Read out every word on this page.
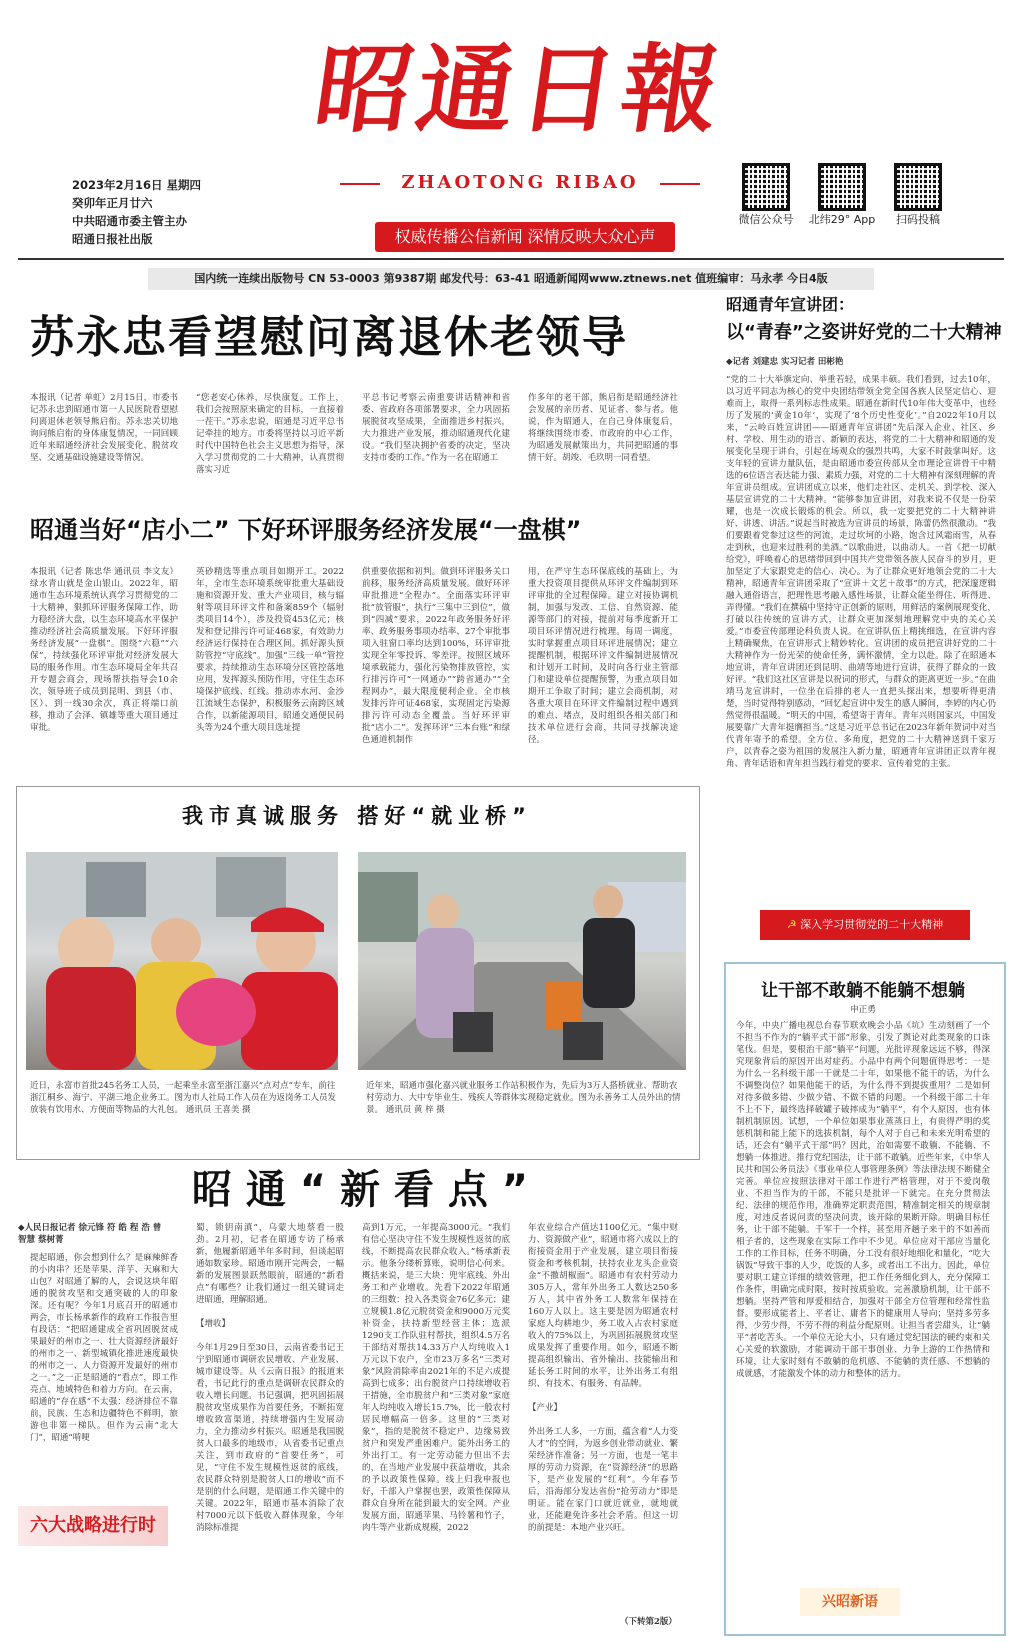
昭通日報
ZHAOTONG RIBAO
权威传播公信新闻 深情反映大众心声
2023年2月16日 星期四
癸卯年正月廿六
中共昭通市委主管主办
昭通日报社出版
微信公众号	北纬29° App	扫码投稿
国内统一连续出版物号 CN 53-0003 第9387期 邮发代号：63-41 昭通新闻网www.ztnews.net 值班编审：马永孝 今日4版
苏永忠看望慰问离退休老领导
本报讯（记者 单虹）2月15日，市委书记苏永忠到昭通市第一人民医院看望慰问离退休老领导熊启衔。苏永忠关切地询问熊启衔的身体康复情况，一同回顾近年来昭通经济社会发展变化、脱贫攻坚、交通基础设施建设等情况。
“您老安心休养，尽快康复。工作上，我们会按照原来确定的目标，一直接着一茬干。”苏永忠说，昭通是习近平总书记牵挂的地方。市委将坚持以习近平新时代中国特色社会主义思想为指导，深入学习贯彻党的二十大精神，认真贯彻落实习近
平总书记考察云南重要讲话精神和省委、省政府各项部署要求，全力巩固拓展脱贫攻坚成果，全面推进乡村振兴，大力推进产业发展，推动昭通现代化建设。“我们坚决拥护省委的决定，坚决支持市委的工作。”作为一名在昭通工
作多年的老干部，熊启衔是昭通经济社会发展的亲历者、见证者、参与者。他说，作为昭通人，在自己身体康复后，将继续围绕市委、市政府的中心工作，为昭通发展献策出力，共同把昭通的事情干好。胡竣、毛玖明一同看望。
昭通当好“店小二” 下好环评服务经济发展“一盘棋”
本报讯（记者 陈忠华 通讯员 李文友）绿水青山就是金山银山。2022年，昭通市生态环境系统认真学习贯彻党的二十大精神，狠抓环评服务保障工作，助力稳经济大盘，以生态环境高水平保护推动经济社会高质量发展。下好环评服务经济发展“一盘棋”。围绕“六稳”“六保”，持续强化环评审批对经济发展大局的服务作用。市生态环境局全年共召开专题会商会，现场帮扶指导会10余次，领导班子成员到昆明、到县（市、区）、到一线30余次，真正将端口前移，推动了会泽、镇雄等重大项目通过审批。
英砂精选等重点项目如期开工。2022年，全市生态环境系统审批重大基础设施和资源开发、重大产业项目，核与辐射等项目环评文件和备案859个（辐射类项目14个），涉及投资453亿元；核发和登记排污许可证468家，有效助力经济运行保持在合理区间。抓好源头预防管控“守底线”。加强“三线一单”管控要求，持续推动生态环境分区管控落地应用，发挥源头预防作用，守住生态环境保护底线、红线。推动赤水河、金沙江流域生态保护，积极服务云南跨区域合作，以新能源项目，昭通交通便民码头等为24个重大项目选址提
供重要依据和初判。做到环评服务关口前移，服务经济高质量发展。做好环评审批推进“全程办”。全面落实环评审批“放管服”，执行“三集中三到位”，做到“四减”要求，2022年政务服务好评率、政务服务事项办结率、27个审批事项入驻窗口率均达到100%，环评审批实现全年零投诉、零差评。按照区域环境承载能力，强化污染物排放管控，实行排污许可“一网通办”“跨省通办”“全程网办”，最大限度便利企业。全市核发排污许可证468家，实现固定污染源排污许可动态全覆盖。当好环评审批“店小二”。发挥环评“三本台账”和绿色通道机制作
用，在严守生态环保底线的基础上，为重大投资项目提供从环评文件编制到环评审批的全过程保障。建立对接协调机制，加强与发改、工信、自然资源、能源等部门的对接，提前对每季度新开工项目环评情况进行梳理。每周一调度，实时掌握重点项目环评进展情况；建立提醒机制，根据环评文件编制进展情况和计划开工时间，及时向各行业主管部门和建设单位提醒预警，为重点项目如期开工争取了时间；建立会商机制，对各重大项目在环评文件编制过程中遇到的难点、堵点，及时组织各相关部门和技术单位进行会商，共同寻找解决途径。
我市真诚服务 搭好“就业桥”
近日，永富市首批245名务工人员，一起乘坐永富至浙江嘉兴“点对点”专车，前往浙江桐乡、海宁、平湖三地企业务工。图为市人社局工作人员在为返岗务工人员发放装有饮用水、方便面等物品的大礼包。 通讯员 王喜美 摄
近年来，昭通市强化嘉兴就业服务工作站积极作为，先后为3万人搭桥就业、帮助农村劳动力、大中专毕业生、残疾人等群体实现稳定就业。图为永善务工人员外出的情景。 通讯员 黄 梓 摄
昭 通 “ 新 看 点 ”
◆人民日报记者 徐元锋 符 皓 程 浩 曾智慧 蔡树菁
提起昭通，你会想到什么？是麻辣鲜香的小肉串？还是苹果、洋芋、天麻和大山包？对昭通了解的人，会说这块年昭通的脱贫攻坚和交通突破的人的印象深。还有呢？今年1月底召开的昭通市两会，市长杨承新作的政府工作报告里有段话：“把昭通建成全省巩固脱贫成果最好的州市之一、壮大资源经济最好的州市之一、新型城镇化推进速度最快的州市之一、人力资源开发最好的州市之一。”之一正是昭通的“看点”，即工作亮点、地域特色和着力方向。在云南，昭通的“存在感”不太强：经济排位不靠前，民族、生态和边疆特色不鲜明，旅游也非第一梯队。但作为云南“北大门”，昭通“啃哽
蜀，锁钥南滇”，乌蒙大地蔡看一股劲。2月初，记者在昭通专访了杨承新，他履新昭通半年多时间，但谈起昭通如数家珍。昭通市刚开完两会，一幅新的发展图景跃然眼前，昭通的“新看点”有哪些？让我们通过一组关键词走进昭通，理解昭通。

【增收】

今年1月29日至30日，云南省委书记王宁到昭通市调研农民增收、产业发展、城市建设等。从《云南日报》的报道来看，书记此行的重点是调研农民群众的收入增长问题。书记强调，把巩固拓展脱贫攻坚成果作为首要任务，不断拓宽增收致富渠道，持续增强内生发展动力，全力推动乡村振兴。昭通是我国脱贫人口最多的地级市，从省委书记重点关注，到市政府的“首要任务”，可见，“守住不发生规模性返贫的底线，农民群众特别是脱贫人口的增收”而不是别的什么问题，是昭通工作关键中的关键。2022年，昭通市基本消除了农村7000元以下低收入群体现象，今年消除标准提
高到1万元，一年提高3000元。“我们有信心坚决守住不发生规模性返贫的底线，不断提高农民群众收入。”杨承新表示。他条分缕析算账，说明信心何来。概括来说，是三大块：兜牢底线、外出务工和产业增收。先看下2022年昭通的三组数：投入各类资金76亿多元；建立规模1.8亿元脱贫资金和9000万元奖补资金，扶持新型经营主体；选派1290支工作队驻村帮扶，组织4.5万名干部结对帮扶14.33万户人均纯收入1万元以下农户，全市23万多名“三类对象”风险消除率由2021年的不足六成提高到七成多；出台脱贫户口持续增收若干措施，全市脱贫户和“三类对象”家庭年人均纯收入增长15.7%，比一般农村居民增幅高一倍多。这里的“三类对象”，指的是脱贫不稳定户、边缘易致贫户和突发严重困难户。能外出务工的外出打工。有一定劳动能力但出不去的，在当地产业发展中获益增收，其余的予以政策性保障。线上归我申报也好，千部入户掌握也罢，政策性保障从群众自身所在能到最大的安全网。产业发展方面，昭通苹果、马铃薯和竹子，肉牛等产业新成规模，2022
年农业综合产值达1100亿元。“集中财力、资源做产业”，昭通市将六成以上的衔接资金用于产业发展，建立项目衔接资金和考核机制，扶持农业龙头企业资金“不撒胡椒面”。昭通市有农村劳动力305万人，常年外出务工人数达250多万人，其中省外务工人数常年保持在160万人以上。这主要是因为昭通农村家庭人均耕地少，务工收入占农村家庭收入的75%以上，为巩固拓展脱贫攻坚成果发挥了重要作用。如今，昭通不断提高组织输出、省外输出、技能输出和延长务工时间的水平，让外出务工有组织、有技术、有服务、有品牌。

【产业】

外出务工人多，一方面，蕴含着“人力变人才”的空间，为返乡创业带动就业、繁荣经济作准备；另一方面，也是一笔丰厚的劳动力资源，在“资源经济”的思路下，是产业发展的“红利”。今年春节后，沿海部分发达省份“抢劳动力”即是明证。能在家门口就近就业，就地就业，还能避免许多社会矛盾。但这一切的前提是：本地产业兴旺。
（下转第2版）
六大战略进行时
昭通青年宣讲团：
以“青春”之姿讲好党的二十大精神
◆记者 刘建忠 实习记者 田彬艳
“党的二十大举旗定向、举重若轻，成果丰硕。我们看到，过去10年，以习近平同志为核心的党中央团结带领全党全国各族人民坚定信心、迎难而上，取得一系列标志性成果。昭通在新时代10年伟大变革中，也经历了发展的‘黄金10年’，实现了‘8个历史性变化’。”自2022年10月以来，“云岭百姓宣讲团——昭通青年宣讲团”先后深入企业、社区、乡村、学校、用生动的语言、新颖的表达，将党的二十大精神和昭通的发展变化呈现于讲台，引起在场观众的强烈共鸣，大家不时鼓掌叫好。这支年轻的宣讲力量队伍，是由昭通市委宣传部从全市理论宣讲骨干中精选的6位语言表达能力强、素质力强，对党的二十大精神有深刻理解的青年宣讲员组成。宣讲团成立以来，他们走社区、走机关、到学校、深入基层宣讲党的二十大精神。“能够参加宣讲团，对我来说不仅是一份荣耀，也是一次成长锻炼的机会。所以，我一定要把党的二十大精神讲好、讲透、讲活。”说起当时被选为宣讲员的场景，陈蕾仍然很激动。“我们要跟着党参过这些的河流，走过坎坷的小路，饱含过风霜雨雪，从春走到秋，也迎来过胜利的美酒。”以歌曲进，以曲动人。一首《把一切献给党》，呼唤着心的思绪带回到中国共产党带领各族人民奋斗的岁月，更加坚定了大家跟党走的信心、决心。为了让群众更好地领会党的二十大精神，昭通青年宣讲团采取了“宣讲＋文艺＋故事”的方式，把深邃逻辑融入通俗语言，把理性思考融入感性场景，让群众能坐得住、听得进、弄得懂。“我们在撰稿中坚持守正创新的原则，用鲜活的案例展现变化，打破以往传统的宣讲方式，让群众更加深刻地理解党中央的关心关爱。”市委宣传部理论科负责人说。在宣讲队伍上精挑细选，在宣讲内容上精确聚焦，在宣讲形式上精妙转化。宣讲团的成员把宣讲好党的二十大精神作为一份光荣的使命任务，满怀激情，全力以赴。除了在昭通本地宣讲，青年宣讲团还到昆明、曲靖等地进行宣讲，获得了群众的一致好评。“我们这社区宣讲是以祝词的形式，与群众的距离更近一步。”在曲靖马龙宣讲时，一位坐在后排的老人一直把头探出来，想要听得更清楚，当时觉得特别感动，“回忆起宣讲中发生的感人瞬间，李婷的内心仍然觉得很温暖。“明天的中国，希望寄于青年。青年兴则国家兴，中国发展要靠广大青年挺膺担当。”这是习近平总书记在2023年新年贺词中对当代青年寄予的希望。全方位、多角度，把党的二十大精神送到千家万户，以青春之姿为祖国的发展注入新力量，昭通青年宣讲团正以青年视角、青年话语和青年担当践行着党的要求、宣传着党的主张。
☭ 深入学习贯彻党的二十大精神
让干部不敢躺不能躺不想躺
申正勇
今年，中央广播电视总台春节联欢晚会小品《坑》生动刻画了一个不担当不作为的“躺平式干部”形象，引发了舆论对此类现象的口诛笔伐。但是，要根治干部“躺平”问题，光批评现象远远不够，得深究现象背后的原因开出对症药。小品中有两个问题值得思考：一是为什么一名科级干部一干就是二十年，如果他不能干的话，为什么不调整岗位？如果他能干的话，为什么得不到提拔重用？二是如何对待多做多错、少做少错、不做不错的问题。一个科级干部二十年不上不下，最终选择破罐子破摔成为“躺平”，有个人原因，也有体制机制原因。试想，一个单位如果事业蒸蒸日上，有贵得严明的奖惩机制和能上能下的选拔机制，每个人对于自己和未来光明希望的话，还会有“躺平式干部”吗？因此，治如需要不敢躺、不能躺、不想躺一体推进。推行党纪国法，让干部不敢躺。近些年来，《中华人民共和国公务员法》《事业单位人事管理条例》等法律法规不断健全完善。单位应按照法律对干部工作进行严格管理，对于不爱岗敬业、不担当作为的干部，不能只是批评一下就完。在充分贯彻法纪、法律的规范作用，准确界定职责范围，精准制定相关的规章制度，对违反者说问责的坚决问责，该开除的果断开除。明确目标任务，让干部不能躺。千军千一个样，甚至用齐趟子来干的不如善而相子者的，这些现象在实际工作中不少见。单位应对干部应当量化工作的工作目标，任务不明确，分工没有很好地细化和量化，“吃大锅饭”导致干事的人少，吃饭的人多，或者出工不出力。因此，单位要对职工建立详细的绩效管理，把工作任务细化到人，充分保障工作条件，明确完成时限，按时按质验收。完善激励机制，让干部不想躺。坚持严管和厚爱相结合，加强对干部全方位管理和经常性监督。要形成能者上、平者让、庸者下的健康用人导向；坚持多劳多得，少劳少得，不劳不得的利益分配原则。让担当者尝甜头，让“躺平”者吃苦头。一个单位无论大小，只有通过党纪国法的硬约束和关心关爱的软激励，才能调动干部干事创业、力争上游的工作热情和环境，让大家时刻有不敢躺的危机感、不能躺的责任感、不想躺的成就感，才能激发个体的动力和整体的活力。
兴昭新语
